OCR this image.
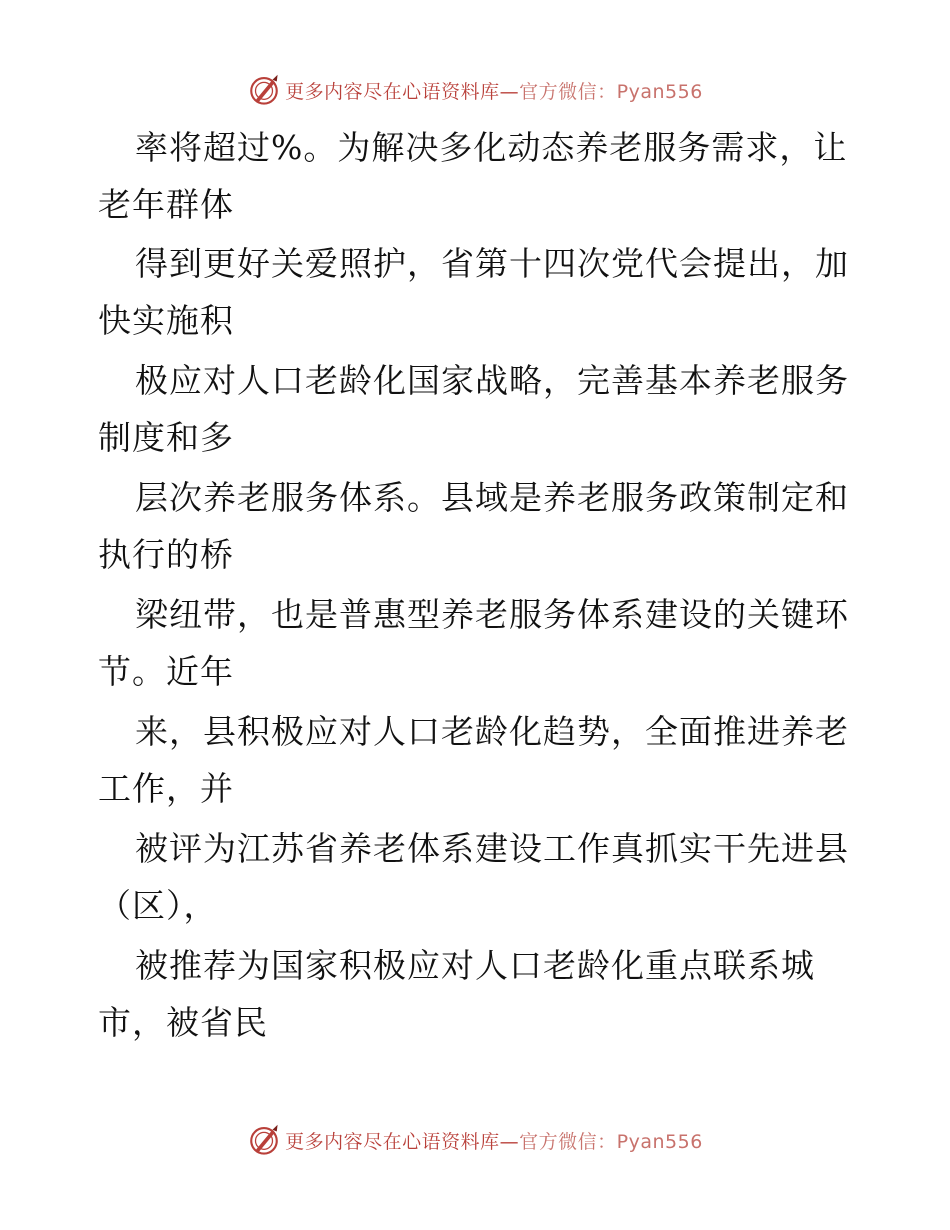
更多内容尽在心语资料库—官方微信：Pyan556
率将超过%。为解决多化动态养老服务需求，让
老年群体
得到更好关爱照护，省第十四次党代会提出，加
快实施积
极应对人口老龄化国家战略，完善基本养老服务
制度和多
层次养老服务体系。县域是养老服务政策制定和
执行的桥
梁纽带，也是普惠型养老服务体系建设的关键环
节。近年
来，县积极应对人口老龄化趋势，全面推进养老
工作，并
被评为江苏省养老体系建设工作真抓实干先进县
（区），
被推荐为国家积极应对人口老龄化重点联系城
市，被省民
更多内容尽在心语资料库—官方微信：Pyan556
